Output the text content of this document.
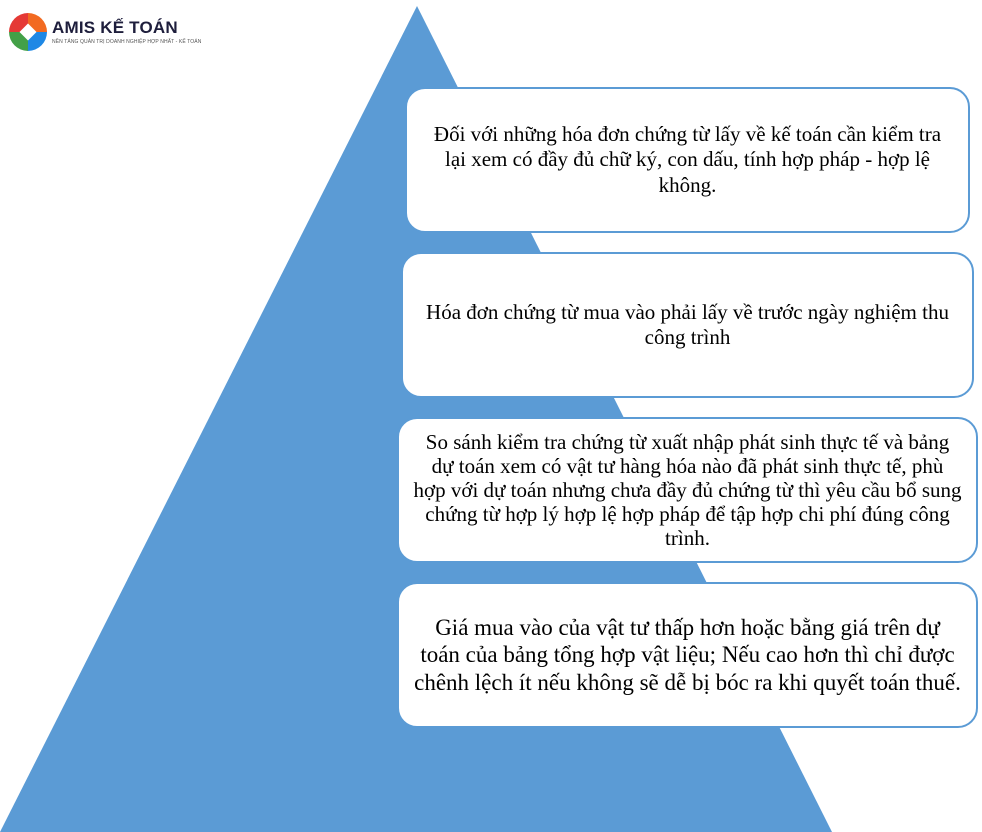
AMIS KẾ TOÁN
NỀN TẢNG QUẢN TRỊ DOANH NGHIỆP HỢP NHẤT - KẾ TOÁN
Đối với những hóa đơn chứng từ lấy về kế toán cần kiểm tra lại xem có đầy đủ chữ ký, con dấu, tính hợp pháp - hợp lệ không.
Hóa đơn chứng từ mua vào phải lấy về trước ngày nghiệm thu công trình
So sánh kiểm tra chứng từ xuất nhập phát sinh thực tế và bảng dự toán xem có vật tư hàng hóa nào đã phát sinh thực tế, phù hợp với dự toán nhưng chưa đầy đủ chứng từ thì yêu cầu bổ sung chứng từ hợp lý hợp lệ hợp pháp để tập hợp chi phí đúng công trình.
Giá mua vào của vật tư thấp hơn hoặc bằng giá trên dự toán của bảng tổng hợp vật liệu; Nếu cao hơn thì chỉ được chênh lệch ít nếu không sẽ dễ bị bóc ra khi quyết toán thuế.
